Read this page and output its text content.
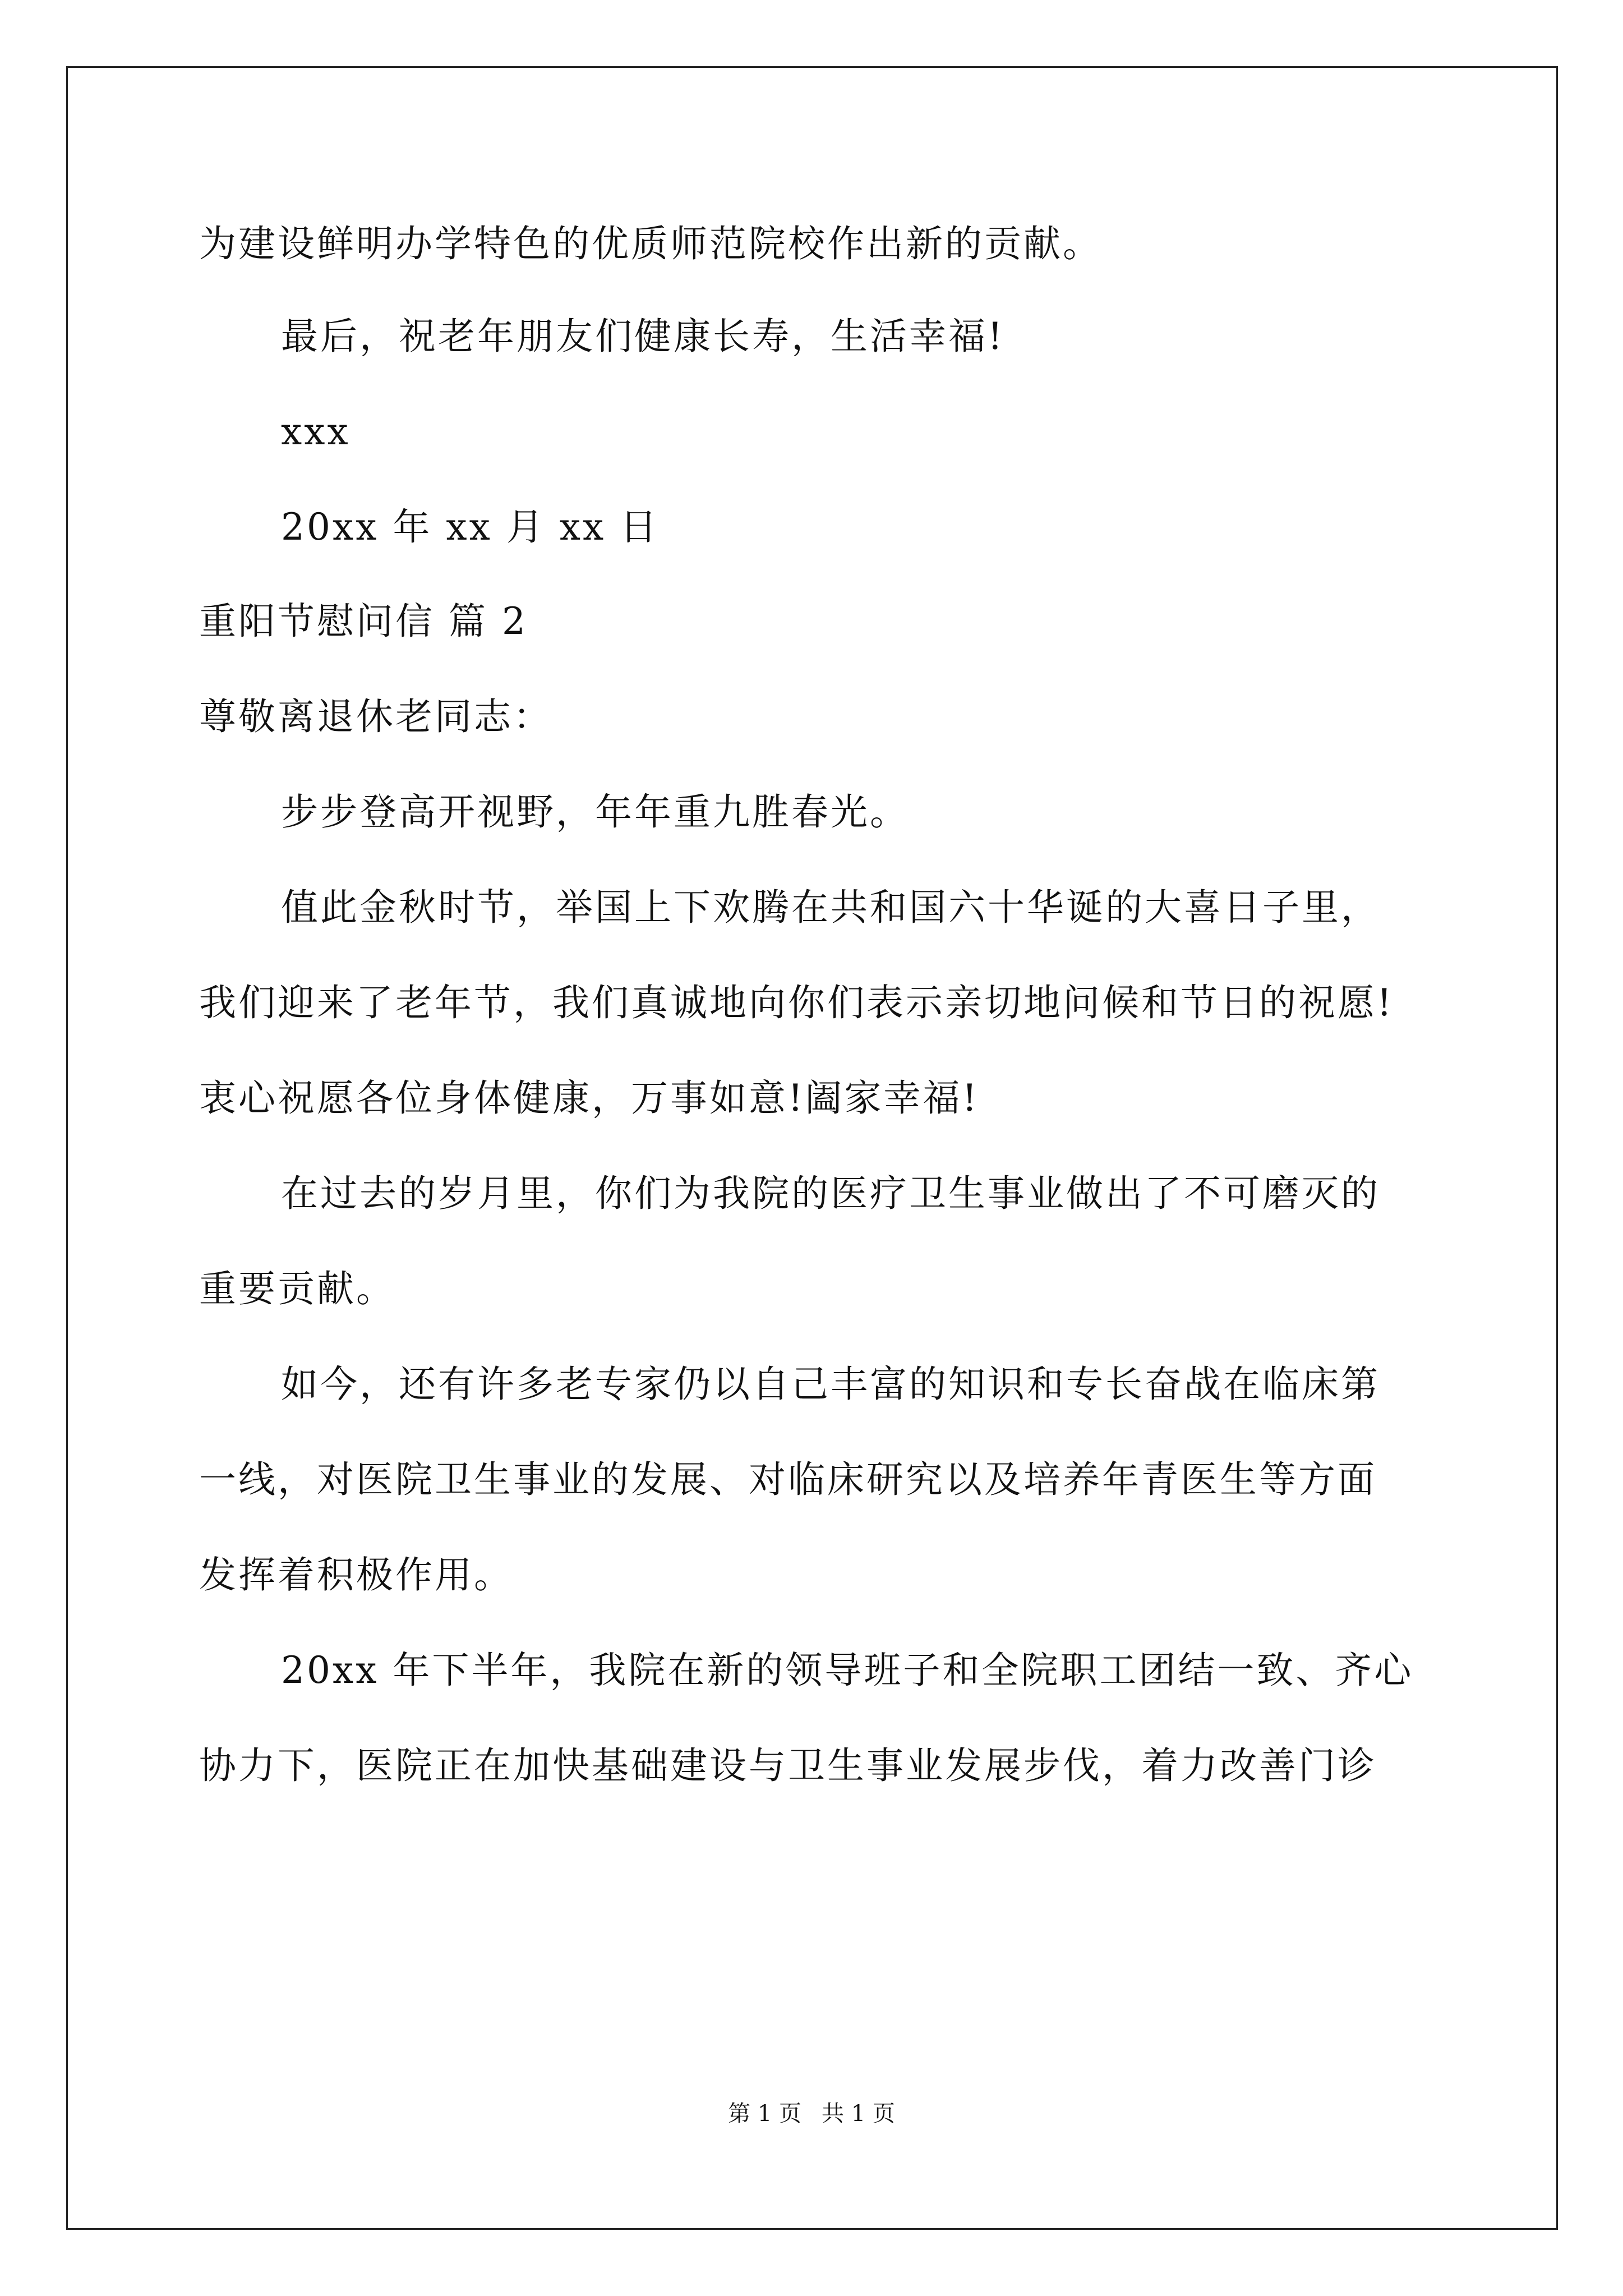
为建设鲜明办学特色的优质师范院校作出新的贡献。
最后，祝老年朋友们健康长寿，生活幸福!
xxx
20xx 年 xx 月 xx 日
重阳节慰问信 篇 2
尊敬离退休老同志：
步步登高开视野，年年重九胜春光。
值此金秋时节，举国上下欢腾在共和国六十华诞的大喜日子里，
我们迎来了老年节，我们真诚地向你们表示亲切地问候和节日的祝愿!
衷心祝愿各位身体健康，万事如意!阖家幸福!
在过去的岁月里，你们为我院的医疗卫生事业做出了不可磨灭的
重要贡献。
如今，还有许多老专家仍以自己丰富的知识和专长奋战在临床第
一线，对医院卫生事业的发展、对临床研究以及培养年青医生等方面
发挥着积极作用。
20xx 年下半年，我院在新的领导班子和全院职工团结一致、齐心
协力下，医院正在加快基础建设与卫生事业发展步伐，着力改善门诊
第 1 页 共 1 页
